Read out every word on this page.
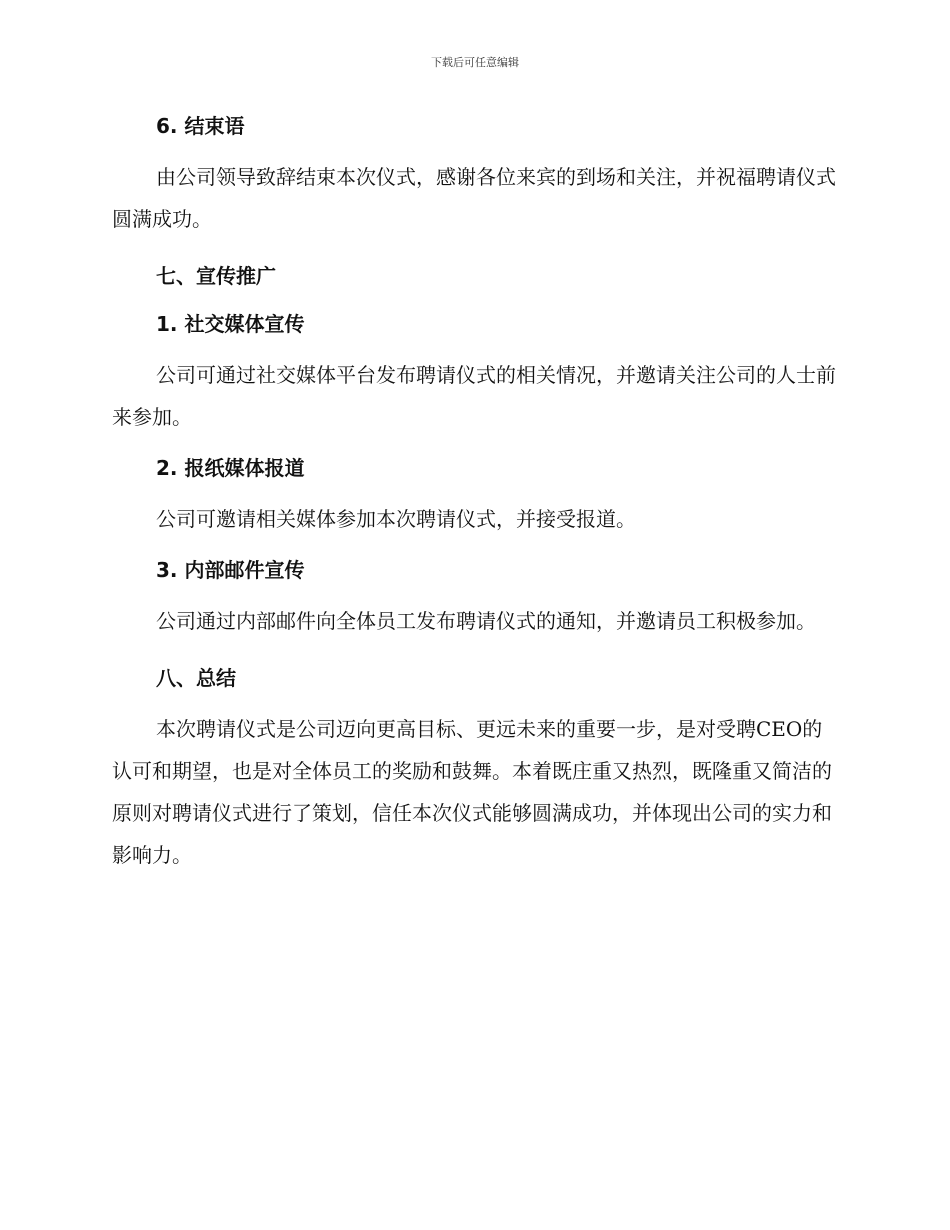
下载后可任意编辑
6. 结束语

由公司领导致辞结束本次仪式，感谢各位来宾的到场和关注，并祝福聘请仪式圆满成功。

七、宣传推广
1. 社交媒体宣传

公司可通过社交媒体平台发布聘请仪式的相关情况，并邀请关注公司的人士前来参加。

2. 报纸媒体报道

公司可邀请相关媒体参加本次聘请仪式，并接受报道。

3. 内部邮件宣传

公司通过内部邮件向全体员工发布聘请仪式的通知，并邀请员工积极参加。

八、总结

本次聘请仪式是公司迈向更高目标、更远未来的重要一步，是对受聘CEO的认可和期望，也是对全体员工的奖励和鼓舞。本着既庄重又热烈，既隆重又简洁的原则对聘请仪式进行了策划，信任本次仪式能够圆满成功，并体现出公司的实力和影响力。
